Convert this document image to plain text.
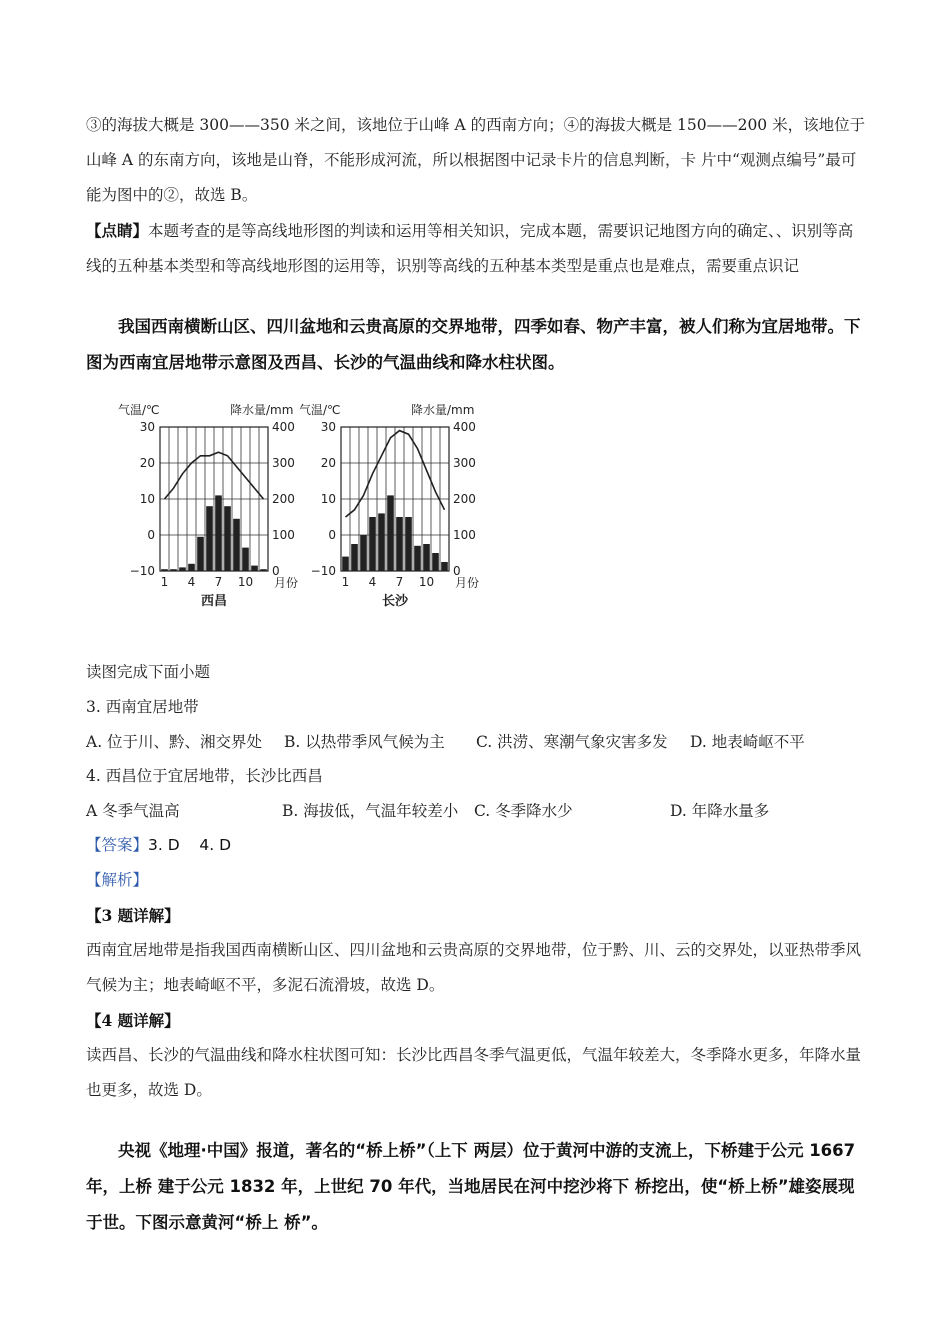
③的海拔大概是 300——350 米之间，该地位于山峰 A 的西南方向；④的海拔大概是 150——200 米，该地位于山峰 A 的东南方向，该地是山脊，不能形成河流，所以根据图中记录卡片的信息判断，卡 片中“观测点编号”最可能为图中的②，故选 B。

【点睛】本题考查的是等高线地形图的判读和运用等相关知识，完成本题，需要识记地图方向的确定、、识别等高线的五种基本类型和等高线地形图的运用等，识别等高线的五种基本类型是重点也是难点，需要重点识记

我国西南横断山区、四川盆地和云贵高原的交界地带，四季如春、物产丰富，被人们称为宜居地带。下图为西南宜居地带示意图及西昌、长沙的气温曲线和降水柱状图。

气温/℃	降水量/mm
30
20
10
0
−10
400
300
200
100
0
1 4 7 10 月份
西昌
气温/℃	降水量/mm
30
20
10
0
−10
400
300
200
100
0
1 4 7 10 月份
长沙

读图完成下面小题

3. 西南宜居地带

A. 位于川、黔、湘交界处	B. 以热带季风气候为主	C. 洪涝、寒潮气象灾害多发	D. 地表崎岖不平

4. 西昌位于宜居地带，长沙比西昌

A 冬季气温高	B. 海拔低，气温年较差小	C. 冬季降水少	D. 年降水量多

【答案】3. D    4. D

【解析】

【3 题详解】

西南宜居地带是指我国西南横断山区、四川盆地和云贵高原的交界地带，位于黔、川、云的交界处，以亚热带季风气候为主；地表崎岖不平，多泥石流滑坡，故选 D。

【4 题详解】

读西昌、长沙的气温曲线和降水柱状图可知：长沙比西昌冬季气温更低，气温年较差大，冬季降水更多，年降水量也更多，故选 D。

央视《地理·中国》报道，著名的“桥上桥”（上下 两层）位于黄河中游的支流上，下桥建于公元 1667 年，上桥 建于公元 1832 年，上世纪 70 年代，当地居民在河中挖沙将下 桥挖出，使“桥上桥”雄姿展现于世。下图示意黄河“桥上 桥”。
